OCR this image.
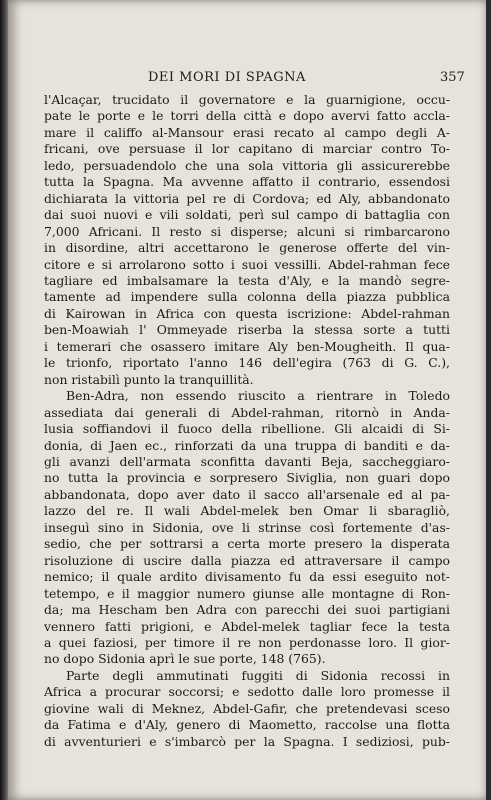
DEI MORI DI SPAGNA	357
l'Alcaçar, trucidato il governatore e la guarnigione, occu-
pate le porte e le torri della città e dopo avervi fatto accla-
mare il califfo al-Mansour erasi recato al campo degli A-
fricani, ove persuase il lor capitano di marciar contro To-
ledo, persuadendolo che una sola vittoria gli assicurerebbe
tutta la Spagna. Ma avvenne affatto il contrario, essendosi
dichiarata la vittoria pel re di Cordova; ed Aly, abbandonato
dai suoi nuovi e vili soldati, perì sul campo di battaglia con
7,000 Africani. Il resto si disperse; alcuni si rimbarcarono
in disordine, altri accettarono le generose offerte del vin-
citore e si arrolarono sotto i suoi vessilli. Abdel-rahman fece
tagliare ed imbalsamare la testa d'Aly, e la mandò segre-
tamente ad impendere sulla colonna della piazza pubblica
di Kairowan in Africa con questa iscrizione: Abdel-rahman
ben-Moawiah l' Ommeyade riserba la stessa sorte a tutti
i temerari che osassero imitare Aly ben-Mougheith. Il qua-
le trionfo, riportato l'anno 146 dell'egira (763 di G. C.),
non ristabilì punto la tranquillità.
Ben-Adra, non essendo riuscito a rientrare in Toledo
assediata dai generali di Abdel-rahman, ritornò in Anda-
lusia soffiandovi il fuoco della ribellione. Gli alcaidi di Si-
donia, di Jaen ec., rinforzati da una truppa di banditi e da-
gli avanzi dell'armata sconfitta davanti Beja, saccheggiaro-
no tutta la provincia e sorpresero Siviglia, non guari dopo
abbandonata, dopo aver dato il sacco all'arsenale ed al pa-
lazzo del re. Il wali Abdel-melek ben Omar li sbaragliò,
inseguì sino in Sidonia, ove li strinse così fortemente d'as-
sedio, che per sottrarsi a certa morte presero la disperata
risoluzione di uscire dalla piazza ed attraversare il campo
nemico; il quale ardito divisamento fu da essi eseguito not-
tetempo, e il maggior numero giunse alle montagne di Ron-
da; ma Hescham ben Adra con parecchi dei suoi partigiani
vennero fatti prigioni, e Abdel-melek tagliar fece la testa
a quei faziosi, per timore il re non perdonasse loro. Il gior-
no dopo Sidonia aprì le sue porte, 148 (765).
Parte degli ammutinati fuggiti di Sidonia recossi in
Africa a procurar soccorsi; e sedotto dalle loro promesse il
giovine wali di Meknez, Abdel-Gafir, che pretendevasi sceso
da Fatima e d'Aly, genero di Maometto, raccolse una flotta
di avventurieri e s'imbarcò per la Spagna. I sediziosi, pub-
